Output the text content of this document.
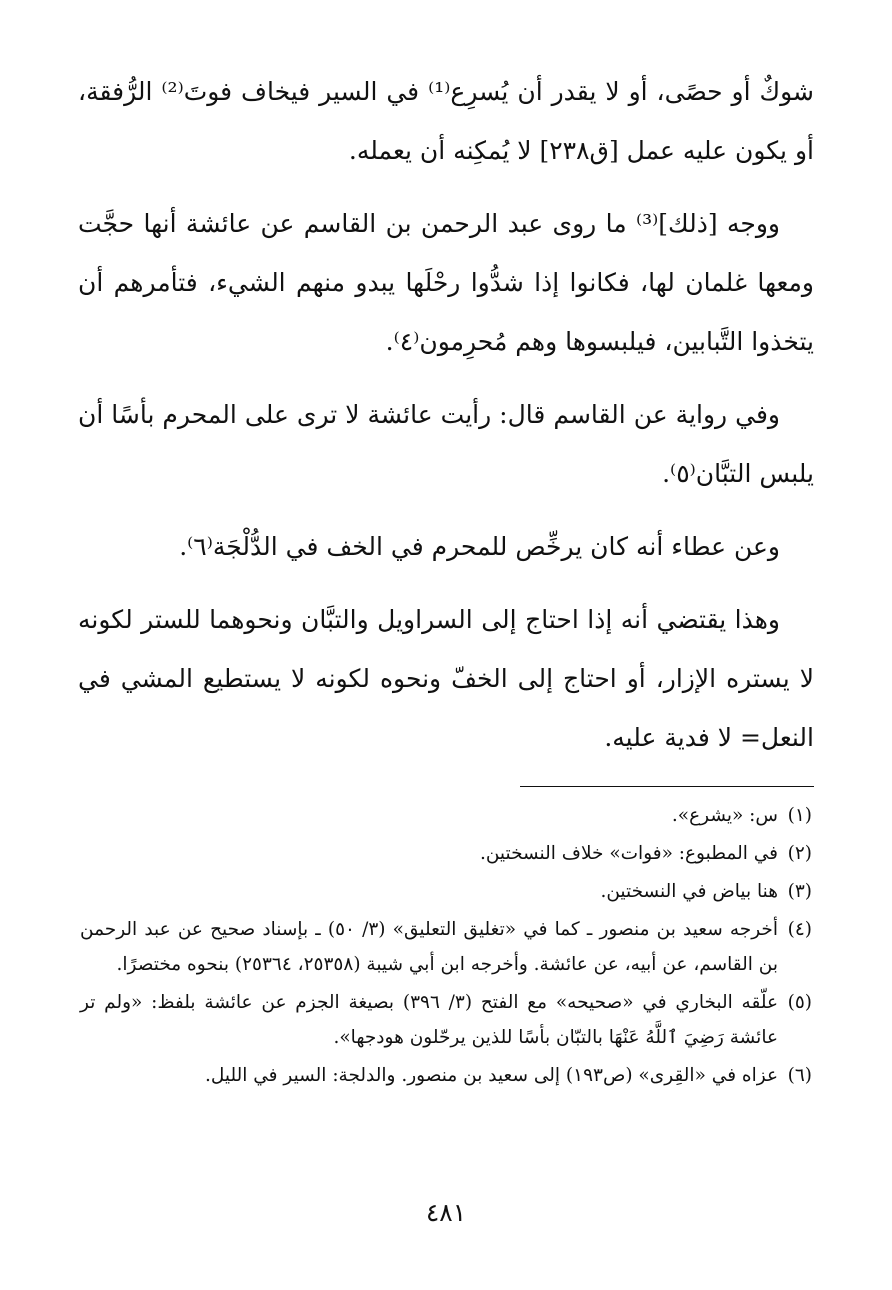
شوكٌ أو حصًى، أو لا يقدر أن يُسرِع⁽¹⁾ في السير فيخاف فوتَ⁽²⁾ الرُّفقة، أو يكون عليه عمل [ق٢٣٨] لا يُمكِنه أن يعمله.

ووجه [ذلك]⁽³⁾ ما روى عبد الرحمن بن القاسم عن عائشة أنها حجَّت ومعها غلمان لها، فكانوا إذا شدُّوا رحْلَها يبدو منهم الشيء، فتأمرهم أن يتخذوا التَّبابين، فيلبسوها وهم مُحرِمون⁽٤⁾.

وفي رواية عن القاسم قال: رأيت عائشة لا ترى على المحرم بأسًا أن يلبس التبَّان⁽٥⁾.

وعن عطاء أنه كان يرخِّص للمحرم في الخف في الدُّلْجَة⁽٦⁾.

وهذا يقتضي أنه إذا احتاج إلى السراويل والتبَّان ونحوهما للستر لكونه لا يستره الإزار، أو احتاج إلى الخفّ ونحوه لكونه لا يستطيع المشي في النعل= لا فدية عليه.

(١)
س: «يشرع».
(٢)
في المطبوع: «فوات» خلاف النسختين.
(٣)
هنا بياض في النسختين.
(٤)
أخرجه سعيد بن منصور ـ كما في «تغليق التعليق» (٣/ ٥٠) ـ بإسناد صحيح عن عبد الرحمن بن القاسم، عن أبيه، عن عائشة. وأخرجه ابن أبي شيبة (٢٥٣٥٨، ٢٥٣٦٤) بنحوه مختصرًا.
(٥)
علّقه البخاري في «صحيحه» مع الفتح (٣/ ٣٩٦) بصيغة الجزم عن عائشة بلفظ: «ولم تر عائشة رَضِيَ ٱللَّهُ عَنْهَا بالتبّان بأسًا للذين يرحّلون هودجها».
(٦)
عزاه في «القِرى» (ص١٩٣) إلى سعيد بن منصور. والدلجة: السير في الليل.
٤٨١
